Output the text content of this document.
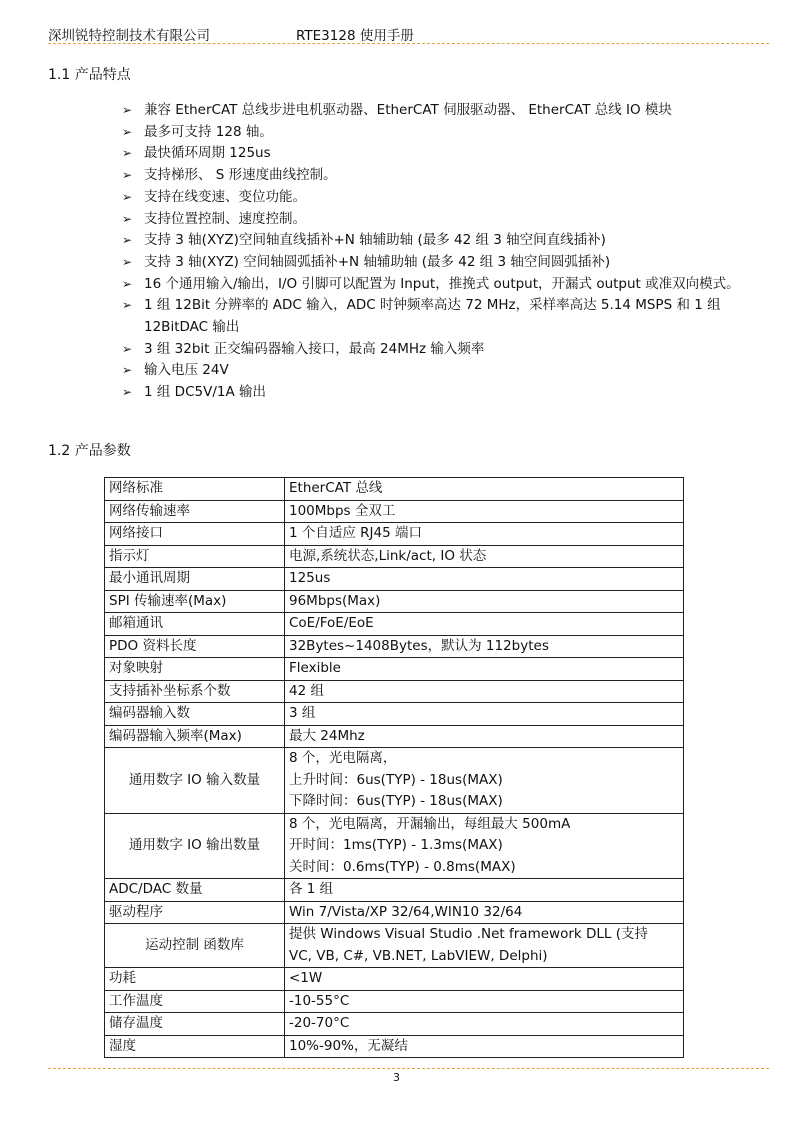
深圳锐特控制技术有限公司	RTE3128 使用手册
1.1 产品特点
➢ 兼容 EtherCAT 总线步进电机驱动器、EtherCAT 伺服驱动器、 EtherCAT 总线 IO 模块
➢ 最多可支持 128 轴。
➢ 最快循环周期 125us
➢ 支持梯形、 S 形速度曲线控制。
➢ 支持在线变速、变位功能。
➢ 支持位置控制、速度控制。
➢ 支持 3 轴(XYZ)空间轴直线插补+N 轴辅助轴 (最多 42 组 3 轴空间直线插补)
➢ 支持 3 轴(XYZ) 空间轴圆弧插补+N 轴辅助轴 (最多 42 组 3 轴空间圆弧插补)
➢ 16 个通用输入/输出，I/O 引脚可以配置为 Input，推挽式 output，开漏式 output 或准双向模式。
➢ 1 组 12Bit 分辨率的 ADC 输入，ADC 时钟频率高达 72 MHz，采样率高达 5.14 MSPS 和 1 组 12BitDAC 输出
➢ 3 组 32bit 正交编码器输入接口，最高 24MHz 输入频率
➢ 输入电压 24V
➢ 1 组 DC5V/1A 输出
1.2 产品参数
网络标准	EtherCAT 总线

网络传输速率	100Mbps 全双工

网络接口	1 个自适应 RJ45 端口

指示灯	电源,系统状态,Link/act, IO 状态

最小通讯周期	125us

SPI 传输速率(Max)	96Mbps(Max)

邮箱通讯	CoE/FoE/EoE

PDO 资料长度	32Bytes~1408Bytes，默认为 112bytes

对象映射	Flexible

支持插补坐标系个数	42 组

编码器输入数	3 组

编码器输入频率(Max)	最大 24Mhz

通用数字 IO 输入数量	8 个，光电隔离，
上升时间：6us(TYP) - 18us(MAX)
下降时间：6us(TYP) - 18us(MAX)

通用数字 IO 输出数量	8 个，光电隔离，开漏输出，每组最大 500mA
开时间：1ms(TYP) - 1.3ms(MAX)
关时间：0.6ms(TYP) - 0.8ms(MAX)

ADC/DAC 数量	各 1 组

驱动程序	Win 7/Vista/XP 32/64,WIN10 32/64

运动控制 函数库	提供 Windows Visual Studio .Net framework DLL (支持
VC, VB, C#, VB.NET, LabVIEW, Delphi)

功耗	<1W

工作温度	-10-55°C

储存温度	-20-70°C

湿度	10%-90%，无凝结
3
